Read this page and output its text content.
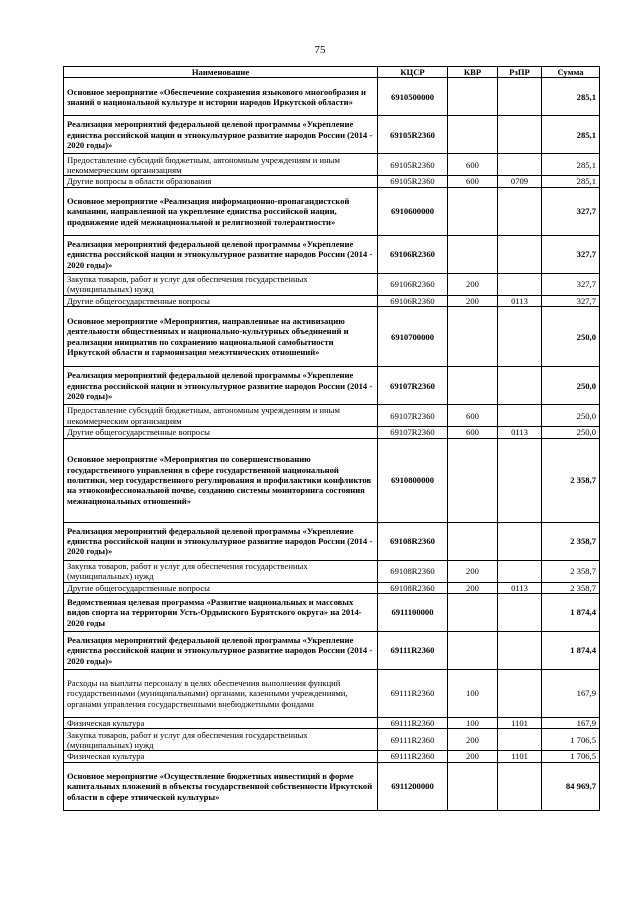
75
Наименование	КЦСР	КВР	РзПР	Сумма
Основное мероприятие «Обеспечение сохранения языкового многообразия и знаний о национальной культуре и истории народов Иркутской области»	6910500000			285,1
Реализация мероприятий федеральной целевой программы «Укрепление единства российской нации и этнокультурное развитие народов России (2014 - 2020 годы)»	69105R2360			285,1
Предоставление субсидий бюджетным, автономным учреждениям и иным некоммерческим организациям	69105R2360	600		285,1
Другие вопросы в области образования	69105R2360	600	0709	285,1
Основное мероприятие «Реализация информационно-пропагандистской кампании, направленной на укрепление единства российской нации, продвижение идей межнациональной и религиозной толерантности»	6910600000			327,7
Реализация мероприятий федеральной целевой программы «Укрепление единства российской нации и этнокультурное развитие народов России (2014 - 2020 годы)»	69106R2360			327,7
Закупка товаров, работ и услуг для обеспечения государственных (муниципальных) нужд	69106R2360	200		327,7
Другие общегосударственные вопросы	69106R2360	200	0113	327,7
Основное мероприятие «Мероприятия, направленные на активизацию деятельности общественных и национально-культурных объединений и реализации инициатив по сохранению национальной самобытности Иркутской области и гармонизация межэтнических отношений»	6910700000			250,0
Реализация мероприятий федеральной целевой программы «Укрепление единства российской нации и этнокультурное развитие народов России (2014 - 2020 годы)»	69107R2360			250,0
Предоставление субсидий бюджетным, автономным учреждениям и иным некоммерческим организациям	69107R2360	600		250,0
Другие общегосударственные вопросы	69107R2360	600	0113	250,0
Основное мероприятие «Мероприятия по совершенствованию государственного управления в сфере государственной национальной политики, мер государственного регулирования и профилактики конфликтов на этноконфессиональной почве, созданию системы мониторинга состояния межнациональных отношений»	6910800000			2 358,7
Реализация мероприятий федеральной целевой программы «Укрепление единства российской нации и этнокультурное развитие народов России (2014 - 2020 годы)»	69108R2360			2 358,7
Закупка товаров, работ и услуг для обеспечения государственных (муниципальных) нужд	69108R2360	200		2 358,7
Другие общегосударственные вопросы	69108R2360	200	0113	2 358,7
Ведомственная целевая программа «Развитие национальных и массовых видов спорта на территории Усть-Ордынского Бурятского округа» на 2014-2020 годы	6911100000			1 874,4
Реализация мероприятий федеральной целевой программы «Укрепление единства российской нации и этнокультурное развитие народов России (2014 - 2020 годы)»	69111R2360			1 874,4
Расходы на выплаты персоналу в целях обеспечения выполнения функций государственными (муниципальными) органами, казенными учреждениями, органами управления государственными внебюджетными фондами	69111R2360	100		167,9
Физическая культура	69111R2360	100	1101	167,9
Закупка товаров, работ и услуг для обеспечения государственных (муниципальных) нужд	69111R2360	200		1 706,5
Физическая культура	69111R2360	200	1101	1 706,5
Основное мероприятие «Осуществление бюджетных инвестиций в форме капитальных вложений в объекты государственной собственности Иркутской области в сфере этнической культуры»	6911200000			84 969,7
